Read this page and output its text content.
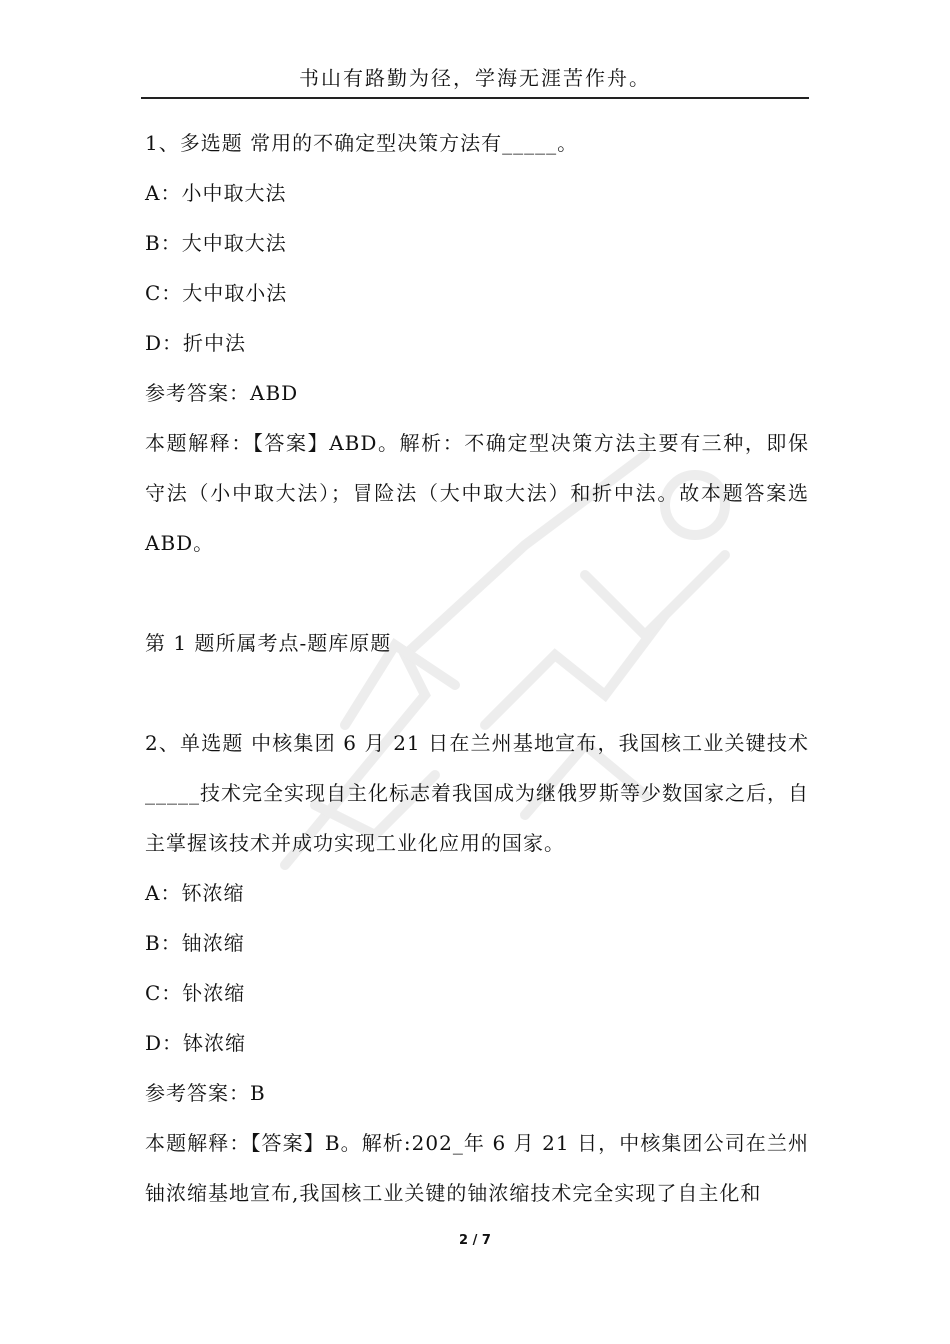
书山有路勤为径，学海无涯苦作舟。
1、多选题 常用的不确定型决策方法有_____。
A：小中取大法
B：大中取大法
C：大中取小法
D：折中法
参考答案：ABD
本题解释：【答案】ABD。解析：不确定型决策方法主要有三种，即保守法（小中取大法）；冒险法（大中取大法）和折中法。故本题答案选 ABD。
第 1 题所属考点-题库原题
2、单选题 中核集团 6 月 21 日在兰州基地宣布，我国核工业关键技术_____技术完全实现自主化标志着我国成为继俄罗斯等少数国家之后，自主掌握该技术并成功实现工业化应用的国家。
A：钚浓缩
B：铀浓缩
C：钋浓缩
D：钵浓缩
参考答案：B
本题解释：【答案】B。解析:202_年 6 月 21 日，中核集团公司在兰州铀浓缩基地宣布,我国核工业关键的铀浓缩技术完全实现了自主化和
2 / 7
